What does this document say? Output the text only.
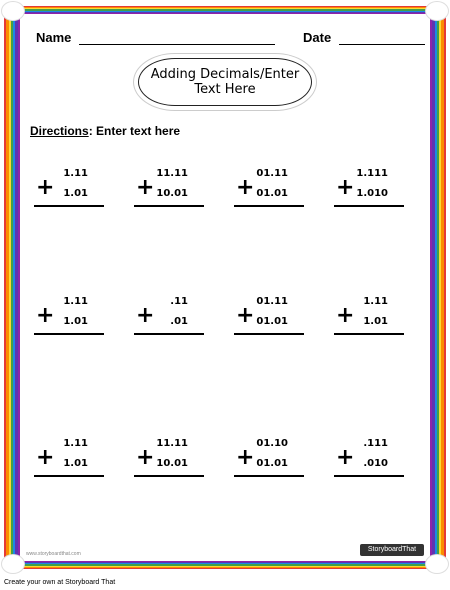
Name	Date
Adding Decimals/Enter
Text Here
Directions: Enter text here
1.11
+ 1.01
11.11
+ 10.01
01.11
+ 01.01
1.111
+ 1.010
1.11
+ 1.01
.11
+ .01
01.11
+ 01.01
1.11
+ 1.01
1.11
+ 1.01
11.11
+ 10.01
01.10
+ 01.01
.111
+ .010
www.storyboardthat.com
StoryboardThat
Create your own at Storyboard That
